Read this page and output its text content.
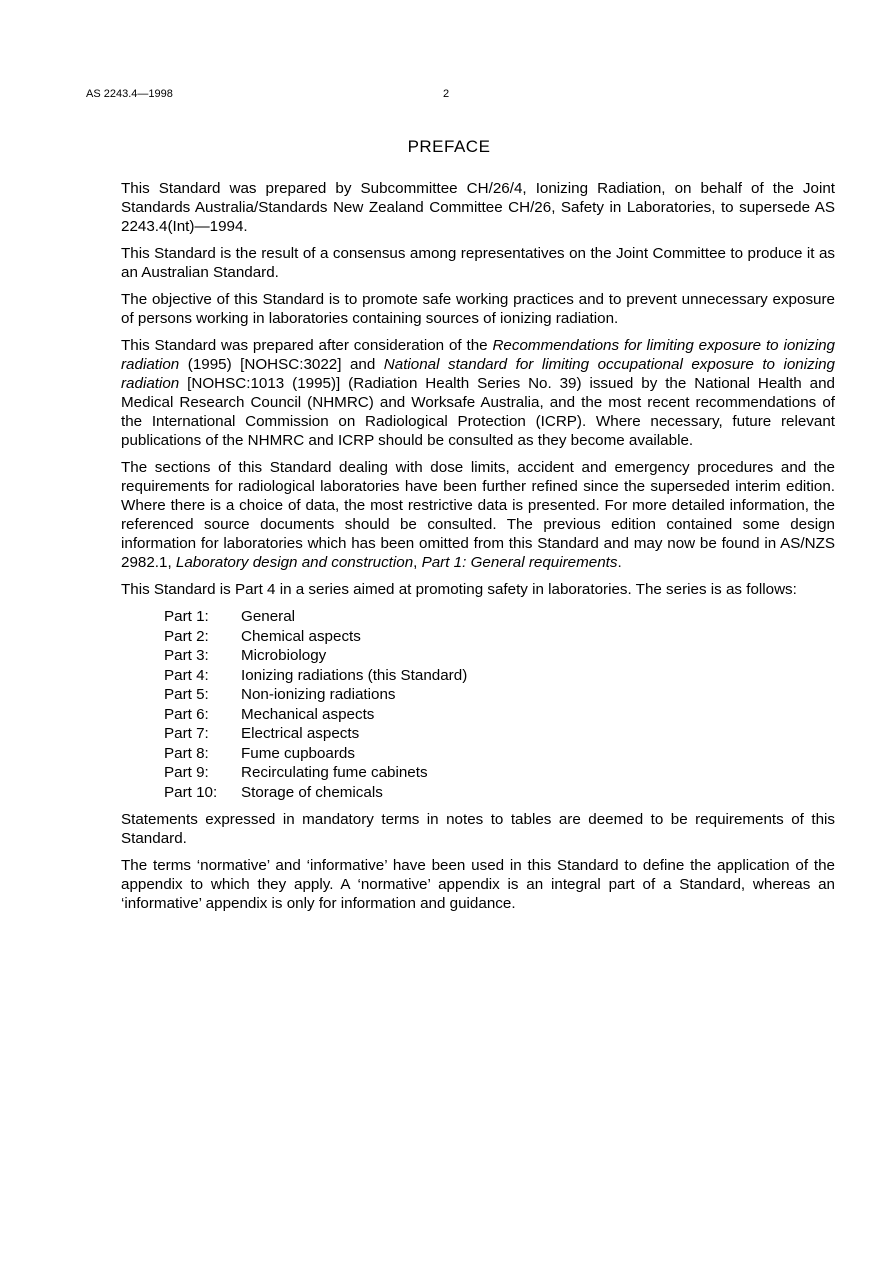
AS 2243.4—1998	2
PREFACE

This Standard was prepared by Subcommittee CH/26/4, Ionizing Radiation, on behalf of the Joint Standards Australia/Standards New Zealand Committee CH/26, Safety in Laboratories, to supersede AS 2243.4(Int)—1994.

This Standard is the result of a consensus among representatives on the Joint Committee to produce it as an Australian Standard.

The objective of this Standard is to promote safe working practices and to prevent unnecessary exposure of persons working in laboratories containing sources of ionizing radiation.

This Standard was prepared after consideration of the Recommendations for limiting exposure to ionizing radiation (1995) [NOHSC:3022] and National standard for limiting occupational exposure to ionizing radiation [NOHSC:1013 (1995)] (Radiation Health Series No. 39) issued by the National Health and Medical Research Council (NHMRC) and Worksafe Australia, and the most recent recommendations of the International Commission on Radiological Protection (ICRP). Where necessary, future relevant publications of the NHMRC and ICRP should be consulted as they become available.

The sections of this Standard dealing with dose limits, accident and emergency procedures and the requirements for radiological laboratories have been further refined since the superseded interim edition. Where there is a choice of data, the most restrictive data is presented. For more detailed information, the referenced source documents should be consulted. The previous edition contained some design information for laboratories which has been omitted from this Standard and may now be found in AS/NZS 2982.1, Laboratory design and construction, Part 1: General requirements.

This Standard is Part 4 in a series aimed at promoting safety in laboratories. The series is as follows:

Part 1:	General
Part 2:	Chemical aspects
Part 3:	Microbiology
Part 4:	Ionizing radiations (this Standard)
Part 5:	Non-ionizing radiations
Part 6:	Mechanical aspects
Part 7:	Electrical aspects
Part 8:	Fume cupboards
Part 9:	Recirculating fume cabinets
Part 10:	Storage of chemicals

Statements expressed in mandatory terms in notes to tables are deemed to be requirements of this Standard.

The terms ‘normative’ and ‘informative’ have been used in this Standard to define the application of the appendix to which they apply. A ‘normative’ appendix is an integral part of a Standard, whereas an ‘informative’ appendix is only for information and guidance.
